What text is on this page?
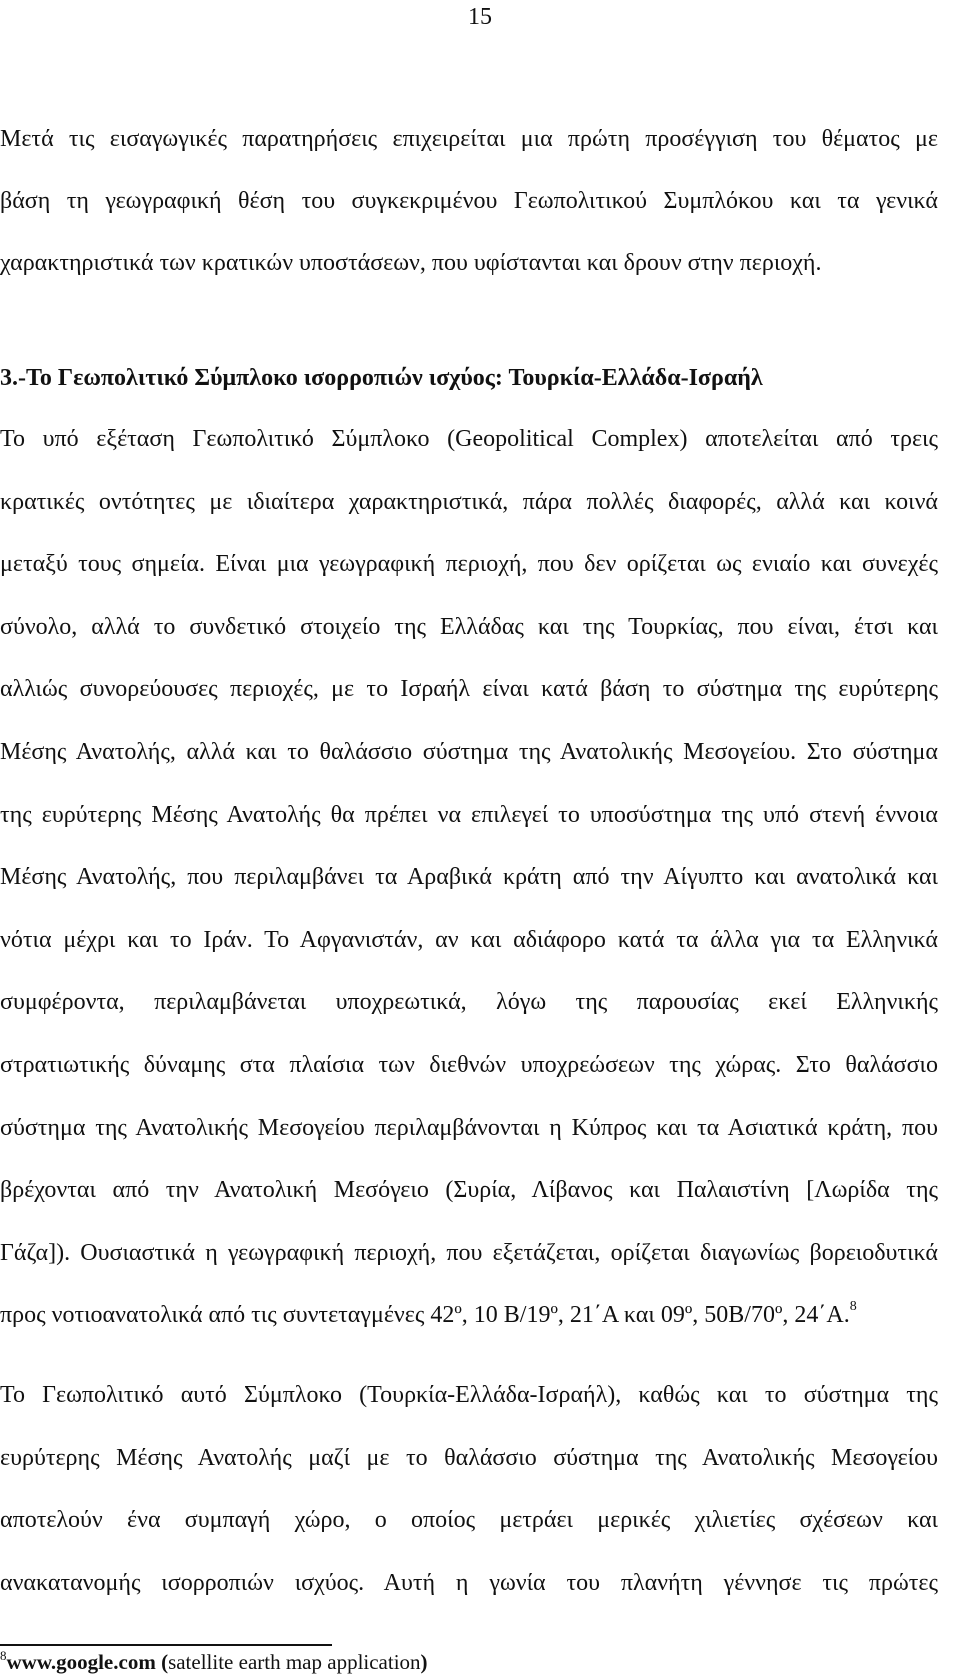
15
Μετά τις εισαγωγικές παρατηρήσεις επιχειρείται μια πρώτη προσέγγιση του θέματος με
βάση τη γεωγραφική θέση του συγκεκριμένου Γεωπολιτικού Συμπλόκου και τα γενικά
χαρακτηριστικά των κρατικών υποστάσεων, που υφίστανται και δρουν στην περιοχή.
3.-Το Γεωπολιτικό Σύμπλοκο ισορροπιών ισχύος: Τουρκία-Ελλάδα-Ισραήλ
Το υπό εξέταση Γεωπολιτικό Σύμπλοκο (Geopolitical Complex) αποτελείται από τρεις
κρατικές οντότητες με ιδιαίτερα χαρακτηριστικά, πάρα πολλές διαφορές, αλλά και κοινά
μεταξύ τους σημεία. Είναι μια γεωγραφική περιοχή, που δεν ορίζεται ως ενιαίο και συνεχές
σύνολο, αλλά το συνδετικό στοιχείο της Ελλάδας και της Τουρκίας, που είναι, έτσι και
αλλιώς συνορεύουσες περιοχές, με το Ισραήλ είναι κατά βάση το σύστημα της ευρύτερης
Μέσης Ανατολής, αλλά και το θαλάσσιο σύστημα της Ανατολικής Μεσογείου. Στο σύστημα
της ευρύτερης Μέσης Ανατολής θα πρέπει να επιλεγεί το υποσύστημα της υπό στενή έννοια
Μέσης Ανατολής, που περιλαμβάνει τα Αραβικά κράτη από την Αίγυπτο και ανατολικά και
νότια μέχρι και το Ιράν. Το Αφγανιστάν, αν και αδιάφορο κατά τα άλλα για τα Ελληνικά
συμφέροντα, περιλαμβάνεται υποχρεωτικά, λόγω της παρουσίας εκεί Ελληνικής
στρατιωτικής δύναμης στα πλαίσια των διεθνών υποχρεώσεων της χώρας. Στο θαλάσσιο
σύστημα της Ανατολικής Μεσογείου περιλαμβάνονται η Κύπρος και τα Ασιατικά κράτη, που
βρέχονται από την Ανατολική Μεσόγειο (Συρία, Λίβανος και Παλαιστίνη [Λωρίδα της
Γάζα]). Ουσιαστικά η γεωγραφική περιοχή, που εξετάζεται, ορίζεται διαγωνίως βορειοδυτικά
προς νοτιοανατολικά από τις συντεταγμένες 42º, 10 Β/19º, 21΄Α και 09º, 50Β/70º, 24΄Α.$^8$
Το Γεωπολιτικό αυτό Σύμπλοκο (Τουρκία-Ελλάδα-Ισραήλ), καθώς και το σύστημα της
ευρύτερης Μέσης Ανατολής μαζί με το θαλάσσιο σύστημα της Ανατολικής Μεσογείου
αποτελούν ένα συμπαγή χώρο, ο οποίος μετράει μερικές χιλιετίες σχέσεων και
ανακατανομής ισορροπιών ισχύος. Αυτή η γωνία του πλανήτη γέννησε τις πρώτες
$^8$www.google.com (satellite earth map application)
